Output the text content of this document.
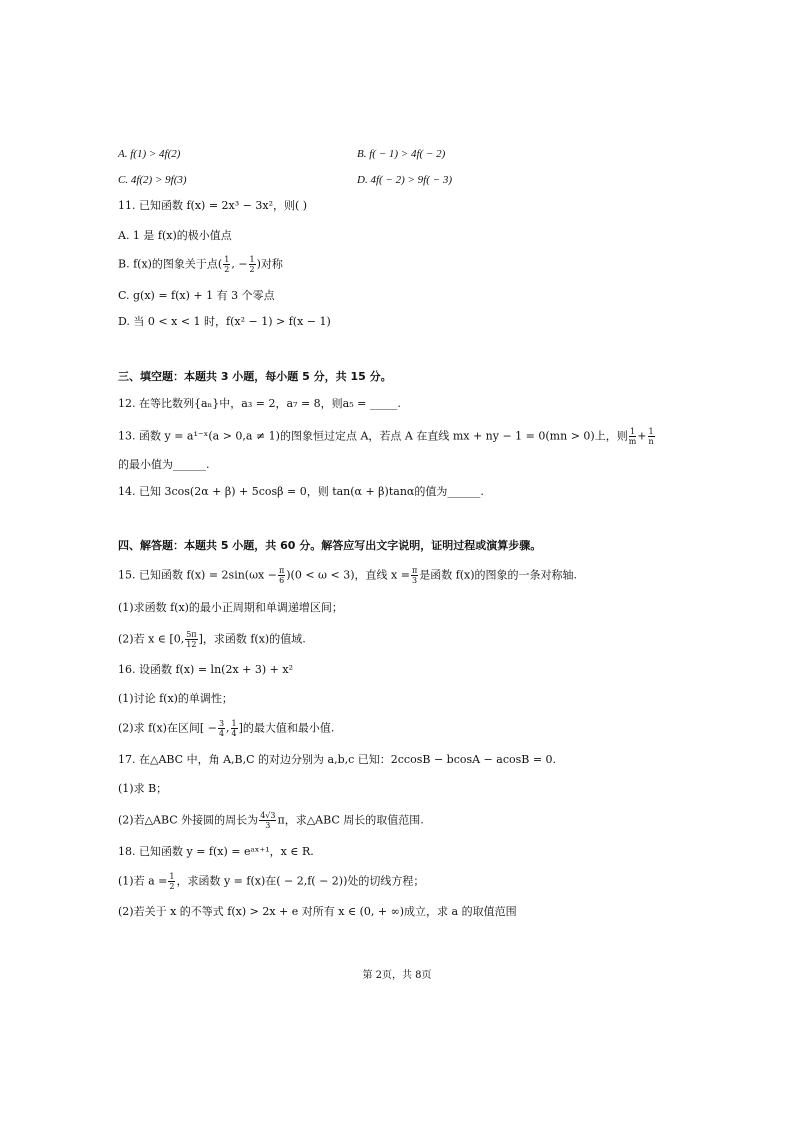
A. f(1) > 4f(2)	B. f( − 1) > 4f( − 2)
C. 4f(2) > 9f(3)	D. 4f( − 2) > 9f( − 3)
11. 已知函数 f(x) = 2x³ − 3x²，则( )
A. 1 是 f(x)的极小值点
B. f(x)的图象关于点( $\frac{1}{2}$ , − $\frac{1}{2}$ )对称
C. g(x) = f(x) + 1 有 3 个零点
D. 当 0 < x < 1 时，f(x² − 1) > f(x − 1)
三、填空题：本题共 3 小题，每小题 5 分，共 15 分。
12. 在等比数列{aₙ}中，a₃ = 2，a₇ = 8，则a₅ = _____.
13. 函数 y = a¹⁻ˣ(a > 0,a ≠ 1)的图象恒过定点 A，若点 A 在直线 mx + ny − 1 = 0(mn > 0)上，则 $\frac{1}{m} + \frac{1}{n}$
的最小值为______.
14. 已知 3cos(2α + β) + 5cosβ = 0，则 tan(α + β)tanα的值为______.
四、解答题：本题共 5 小题，共 60 分。解答应写出文字说明，证明过程或演算步骤。
15. 已知函数 $f(x) = 2\sin(\omega x - \frac{\pi}{6} )(0 < \omega < 3)$，直线 $x = \frac{\pi}{3}$ 是函数 f(x)的图象的一条对称轴.
(1)求函数 f(x)的最小正周期和单调递增区间；
(2)若 x ∈ [0, $\frac{5\pi}{12}$ ]，求函数 f(x)的值域.
16. 设函数 f(x) = ln(2x + 3) + x²
(1)讨论 f(x)的单调性；
(2)求 f(x)在区间[ − $\frac{3}{4}$ , $\frac{1}{4}$ ]的最大值和最小值.
17. 在△ABC 中，角 A,B,C 的对边分别为 a,b,c 已知：2ccosB − bcosA − acosB = 0.
(1)求 B；
(2)若△ABC 外接圆的周长为 $\frac{4√3}{3}$ π，求△ABC 周长的取值范围.
18. 已知函数 y = f(x) = eᵃˣ⁺¹，x ∈ R.
(1)若 $a = \frac{1}{2}$ ，求函数 y = f(x)在( − 2,f( − 2))处的切线方程；
(2)若关于 x 的不等式 f(x) > 2x + e 对所有 x ∈ (0, + ∞)成立，求 a 的取值范围
第 2页，共 8页
